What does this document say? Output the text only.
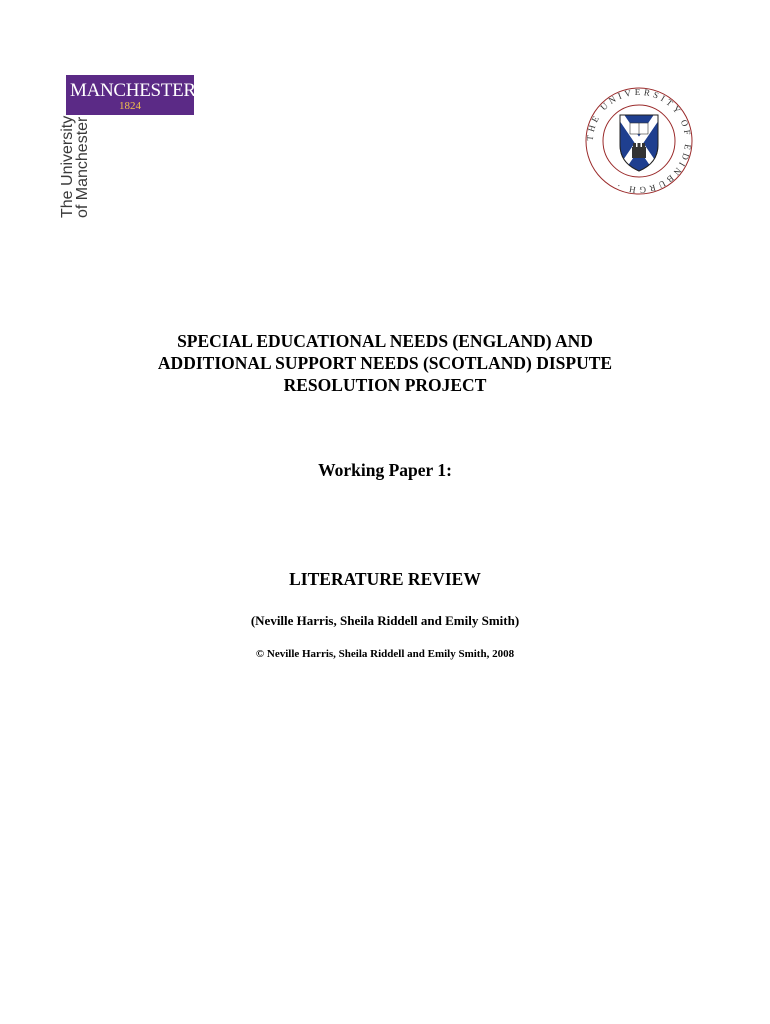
MANCHESTER
1824
The University
of Manchester	THE UNIVERSITY OF EDINBURGH ·
SPECIAL EDUCATIONAL NEEDS (ENGLAND) AND
ADDITIONAL SUPPORT NEEDS (SCOTLAND) DISPUTE
RESOLUTION PROJECT
Working Paper 1:
LITERATURE REVIEW
(Neville Harris, Sheila Riddell and Emily Smith)
© Neville Harris, Sheila Riddell and Emily Smith, 2008
